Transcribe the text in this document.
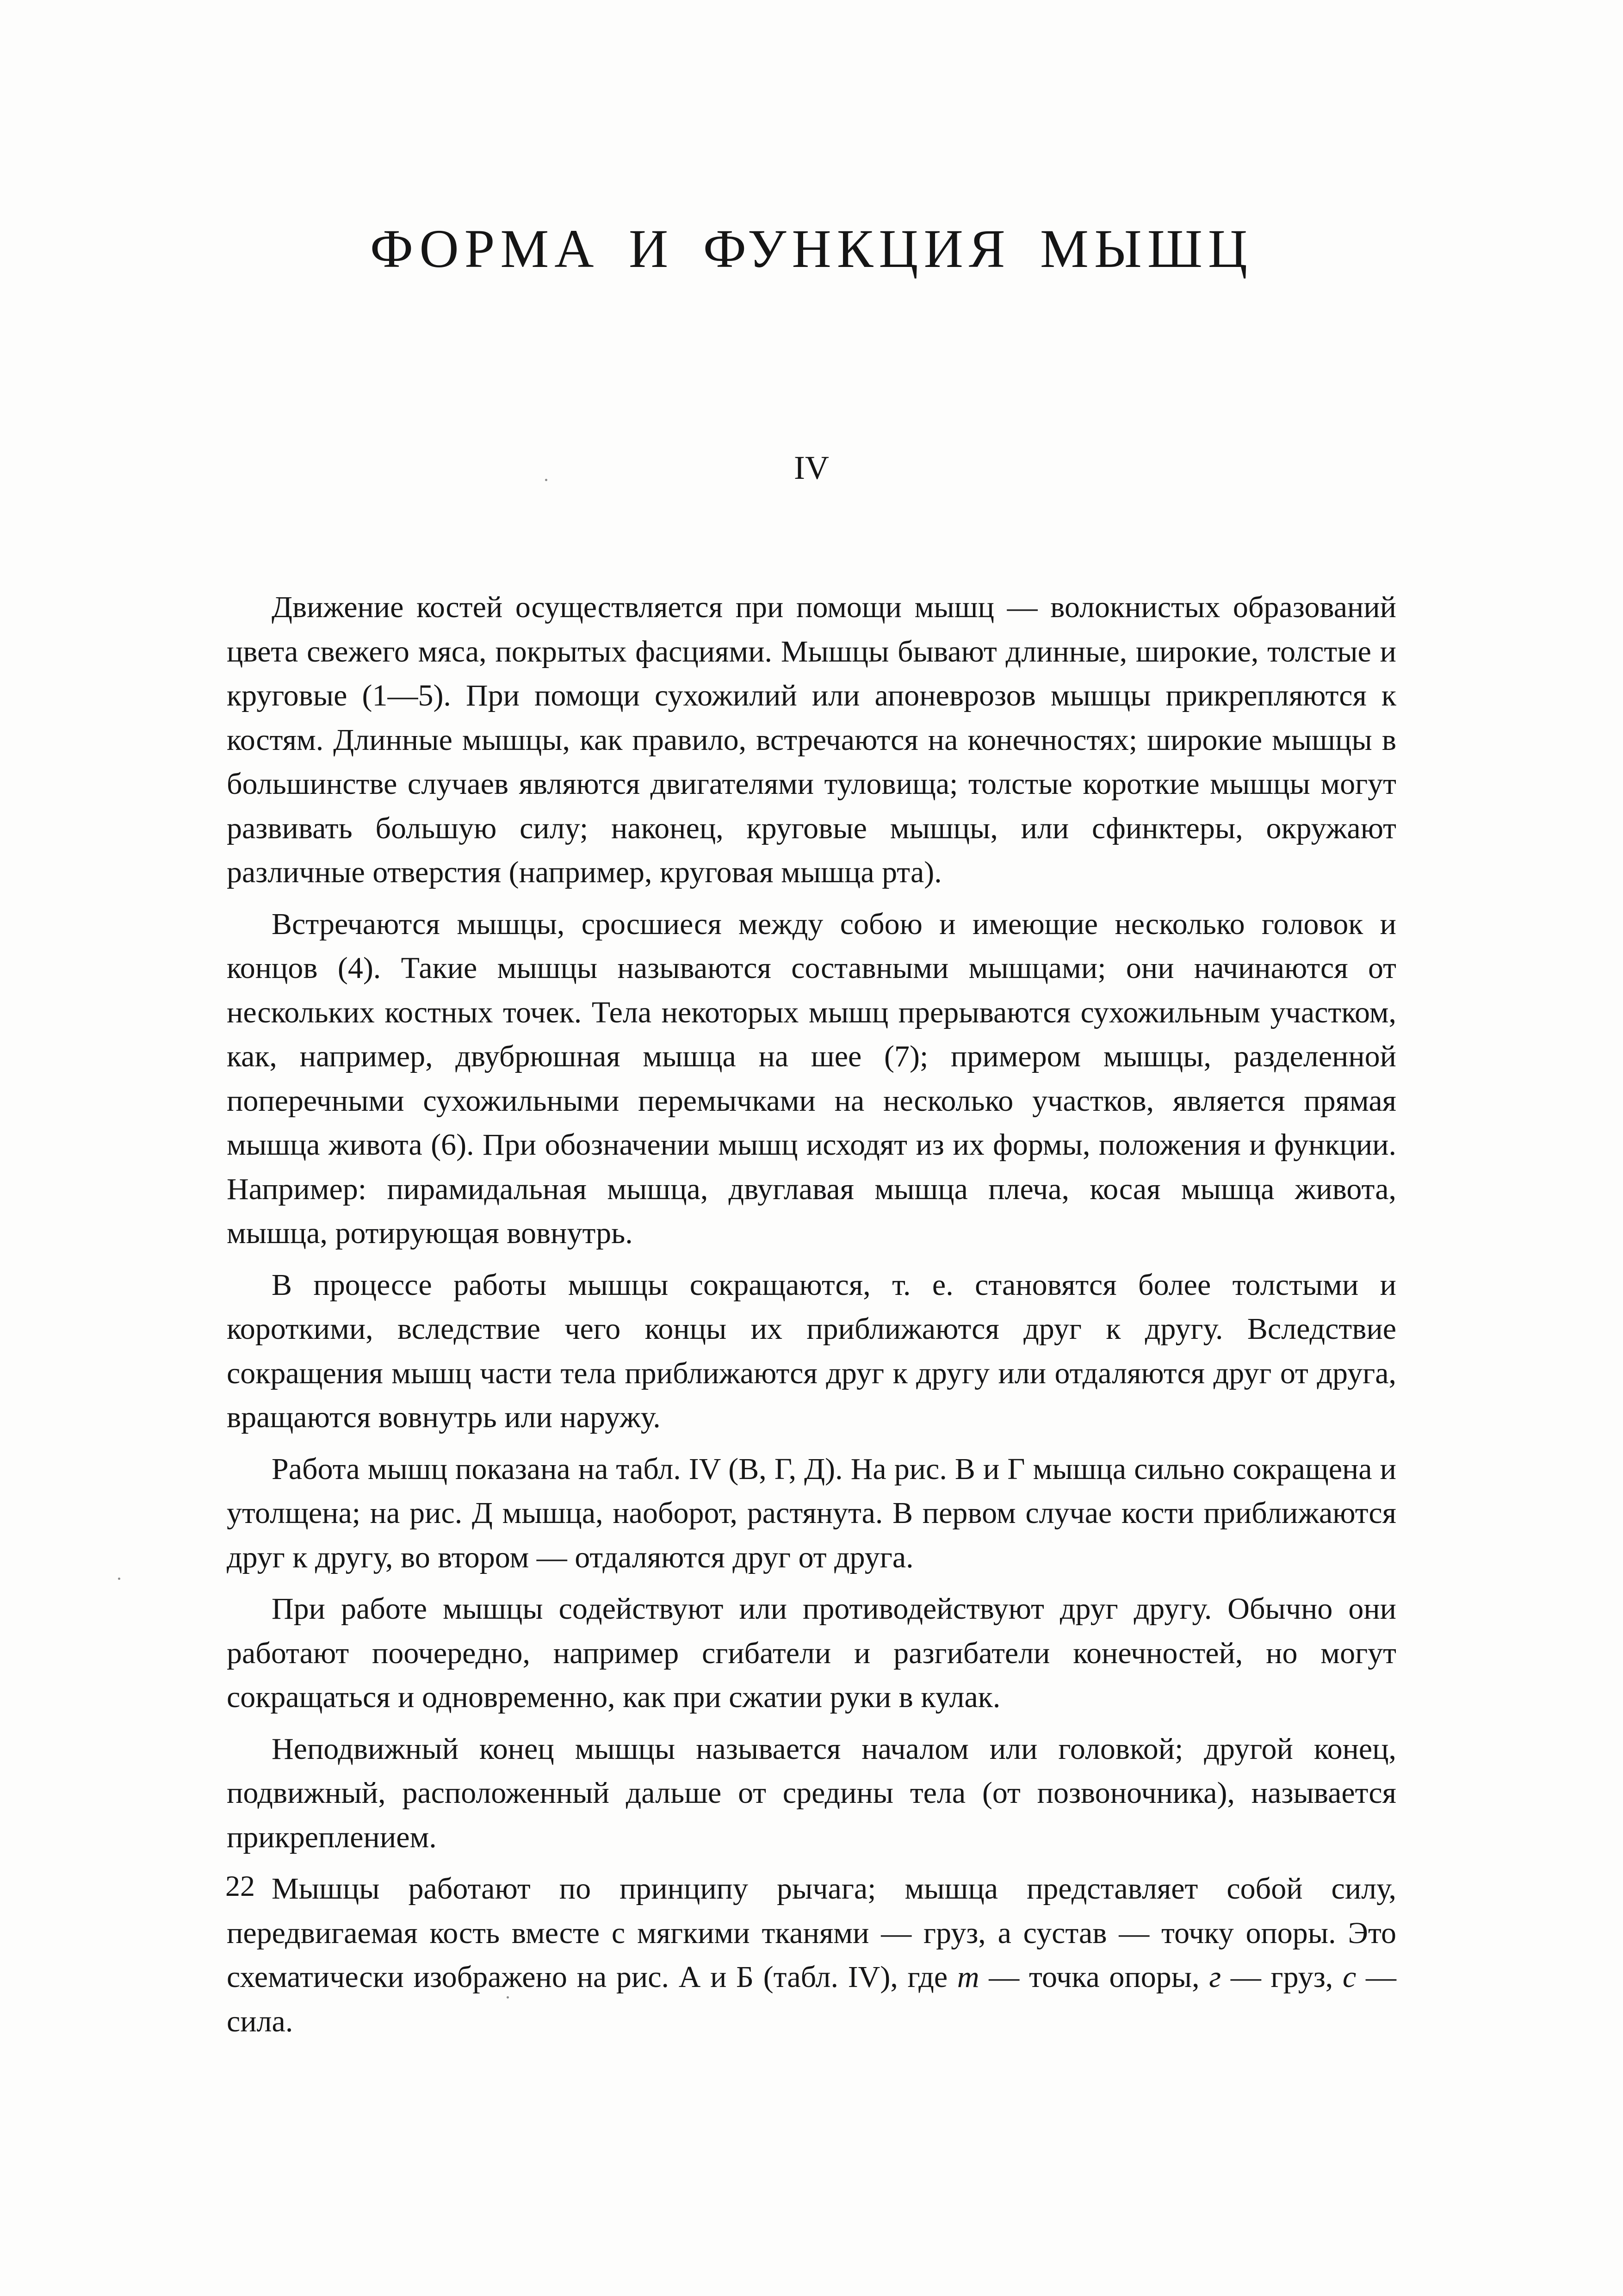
ФОРМА И ФУНКЦИЯ МЫШЦ
IV

Движение костей осуществляется при помощи мышц — волокнистых образований цвета свежего мяса, покрытых фасциями. Мышцы бывают длинные, широкие, толстые и круговые (1—5). При помощи сухожилий или апоневрозов мышцы прикрепляются к костям. Длинные мышцы, как правило, встречаются на конечностях; широкие мышцы в большинстве случаев являются двигателями туловища; толстые короткие мышцы могут развивать большую силу; наконец, круговые мышцы, или сфинктеры, окружают различные отверстия (например, круговая мышца рта).

Встречаются мышцы, сросшиеся между собою и имеющие несколько головок и концов (4). Такие мышцы называются составными мышцами; они начинаются от нескольких костных точек. Тела некоторых мышц прерываются сухожильным участком, как, например, двубрюшная мышца на шее (7); примером мышцы, разделенной поперечными сухожильными перемычками на несколько участков, является прямая мышца живота (6). При обозначении мышц исходят из их формы, положения и функции. Например: пирамидальная мышца, двуглавая мышца плеча, косая мышца живота, мышца, ротирующая вовнутрь.

В процессе работы мышцы сокращаются, т. е. становятся более толстыми и короткими, вследствие чего концы их приближаются друг к другу. Вследствие сокращения мышц части тела приближаются друг к другу или отдаляются друг от друга, вращаются вовнутрь или наружу.

Работа мышц показана на табл. IV (В, Г, Д). На рис. В и Г мышца сильно сокращена и утолщена; на рис. Д мышца, наоборот, растянута. В первом случае кости приближаются друг к другу, во втором — отдаляются друг от друга.

При работе мышцы содействуют или противодействуют друг другу. Обычно они работают поочередно, например сгибатели и разгибатели конечностей, но могут сокращаться и одновременно, как при сжатии руки в кулак.

Неподвижный конец мышцы называется началом или головкой; другой конец, подвижный, расположенный дальше от средины тела (от позвоночника), называется прикреплением.

Мышцы работают по принципу рычага; мышца представляет собой силу, передвигаемая кость вместе с мягкими тканями — груз, а сустав — точку опоры. Это схематически изображено на рис. А и Б (табл. IV), где т — точка опоры, г — груз, с — сила.

22
